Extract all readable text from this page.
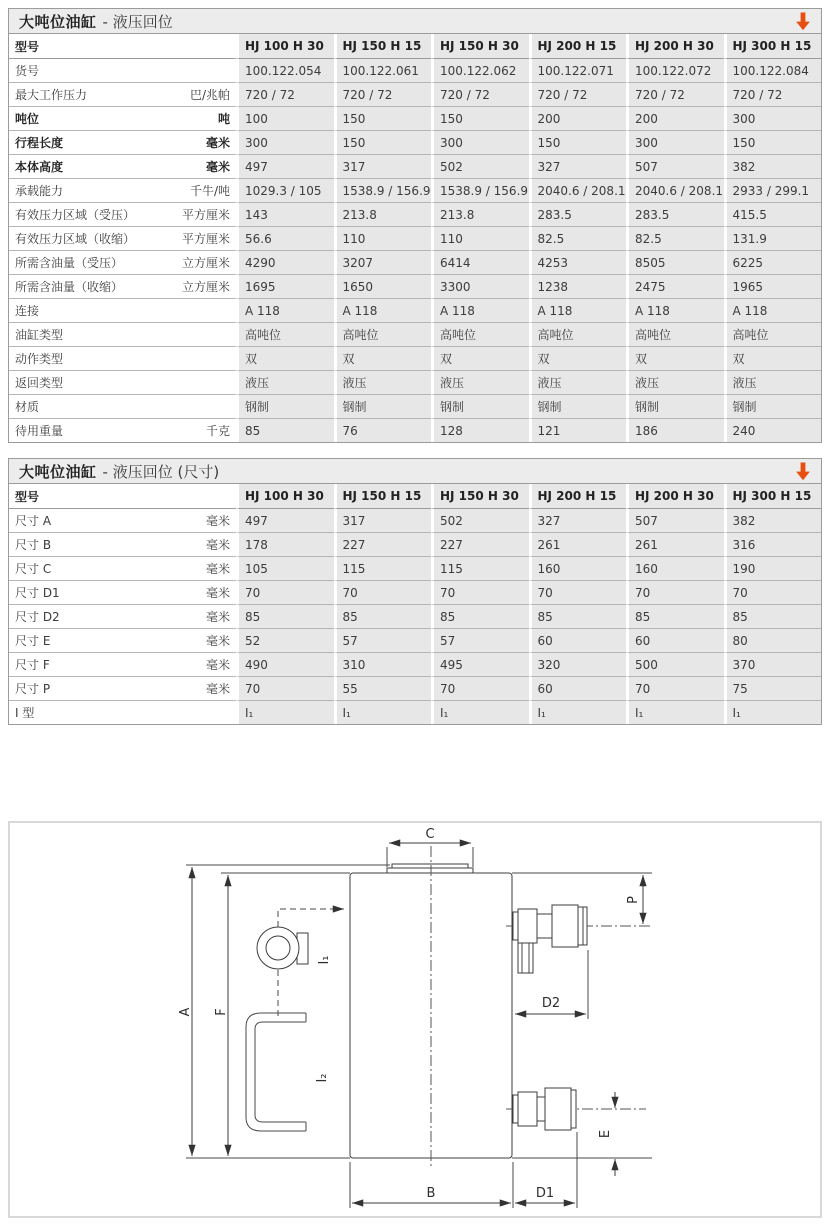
大吨位油缸 - 液压回位
型号	HJ 100 H 30	HJ 150 H 15	HJ 150 H 30	HJ 200 H 15	HJ 200 H 30	HJ 300 H 15

货号	100.122.054	100.122.061	100.122.062	100.122.071	100.122.072	100.122.084

最大工作压力 巴/兆帕	720 / 72	720 / 72	720 / 72	720 / 72	720 / 72	720 / 72

吨位 吨	100	150	150	200	200	300

行程长度 毫米	300	150	300	150	300	150

本体高度 毫米	497	317	502	327	507	382

承载能力 千牛/吨	1029.3 / 105	1538.9 / 156.9	1538.9 / 156.9	2040.6 / 208.1	2040.6 / 208.1	2933 / 299.1

有效压力区域（受压） 平方厘米	143	213.8	213.8	283.5	283.5	415.5

有效压力区域（收缩） 平方厘米	56.6	110	110	82.5	82.5	131.9

所需含油量（受压） 立方厘米	4290	3207	6414	4253	8505	6225

所需含油量（收缩） 立方厘米	1695	1650	3300	1238	2475	1965

连接	A 118	A 118	A 118	A 118	A 118	A 118

油缸类型	高吨位	高吨位	高吨位	高吨位	高吨位	高吨位

动作类型	双	双	双	双	双	双

返回类型	液压	液压	液压	液压	液压	液压

材质	钢制	钢制	钢制	钢制	钢制	钢制

待用重量 千克	85	76	128	121	186	240
大吨位油缸 - 液压回位 (尺寸)
型号	HJ 100 H 30	HJ 150 H 15	HJ 150 H 30	HJ 200 H 15	HJ 200 H 30	HJ 300 H 15

尺寸 A 毫米	497	317	502	327	507	382

尺寸 B 毫米	178	227	227	261	261	316

尺寸 C 毫米	105	115	115	160	160	190

尺寸 D1 毫米	70	70	70	70	70	70

尺寸 D2 毫米	85	85	85	85	85	85

尺寸 E 毫米	52	57	57	60	60	80

尺寸 F 毫米	490	310	495	320	500	370

尺寸 P 毫米	70	55	70	60	70	75

I 型	I₁	I₁	I₁	I₁	I₁	I₁
A F
C
P
D2
E
B	D1
I₁
I₂
